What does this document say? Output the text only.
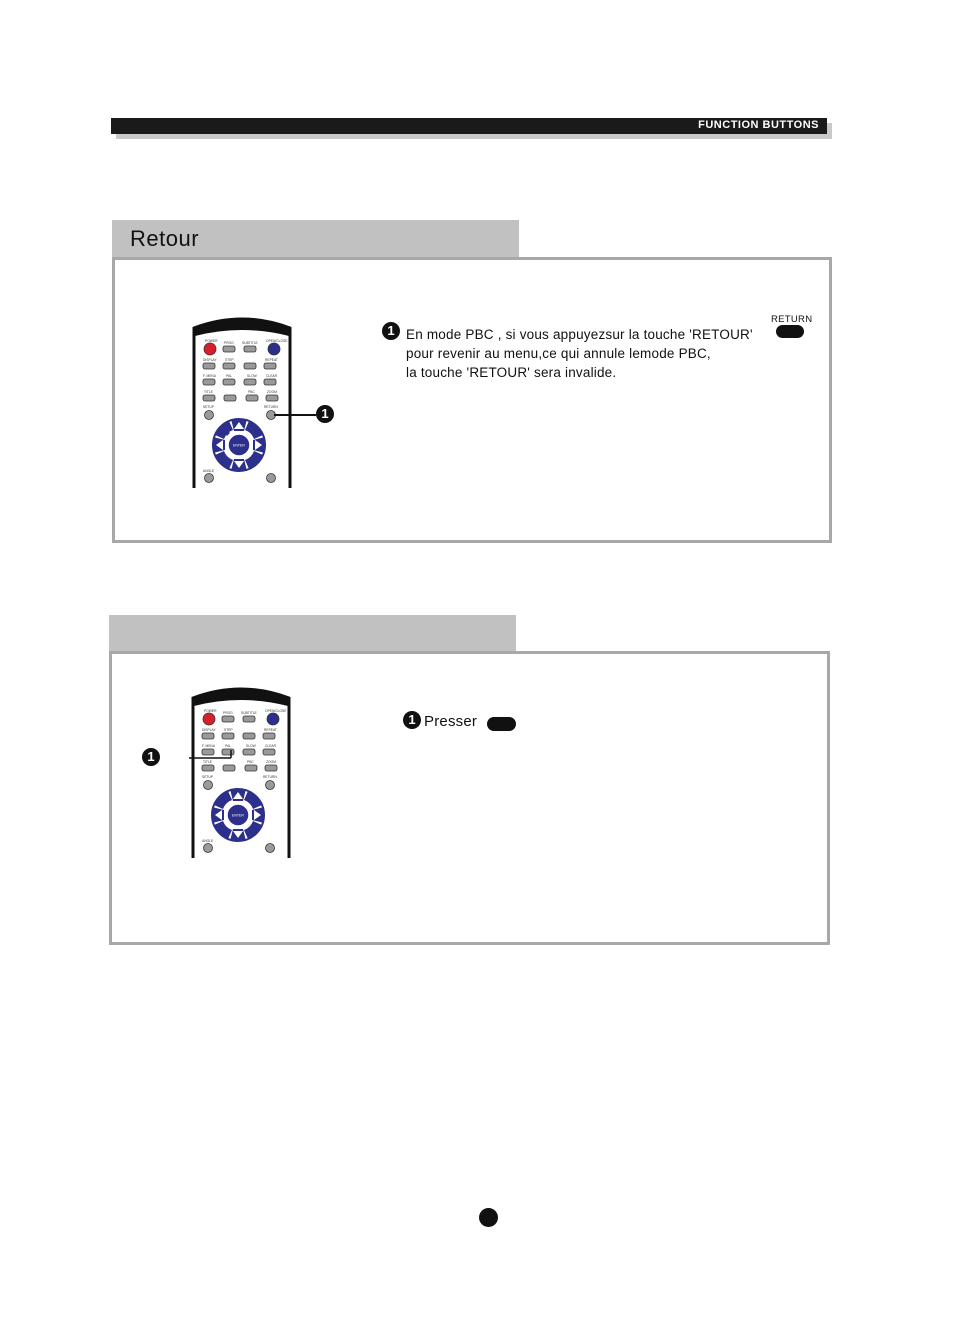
FUNCTION BUTTONS
Retour
POWER PROG	SUBTITLE OPEN/CLOSE
DISPLAY	STEP	REPEAT
F. MENU	PAL	SLOW	CLEAR
TITLE	PBC	ZOOM
SETUP	RETURN
ANGLE
ENTER
1
1
RETURN
En mode PBC , si vous appuyezsur la touche 'RETOUR'
pour revenir au menu,ce qui annule lemode PBC,
la touche 'RETOUR' sera invalide.
POWER PROG	SUBTITLE OPEN/CLOSE
DISPLAY	STEP	REPEAT
F. MENU	PAL	SLOW	CLEAR
TITLE	PBC	ZOOM
SETUP	RETURN
ANGLE
ENTER
1
1 Presser
